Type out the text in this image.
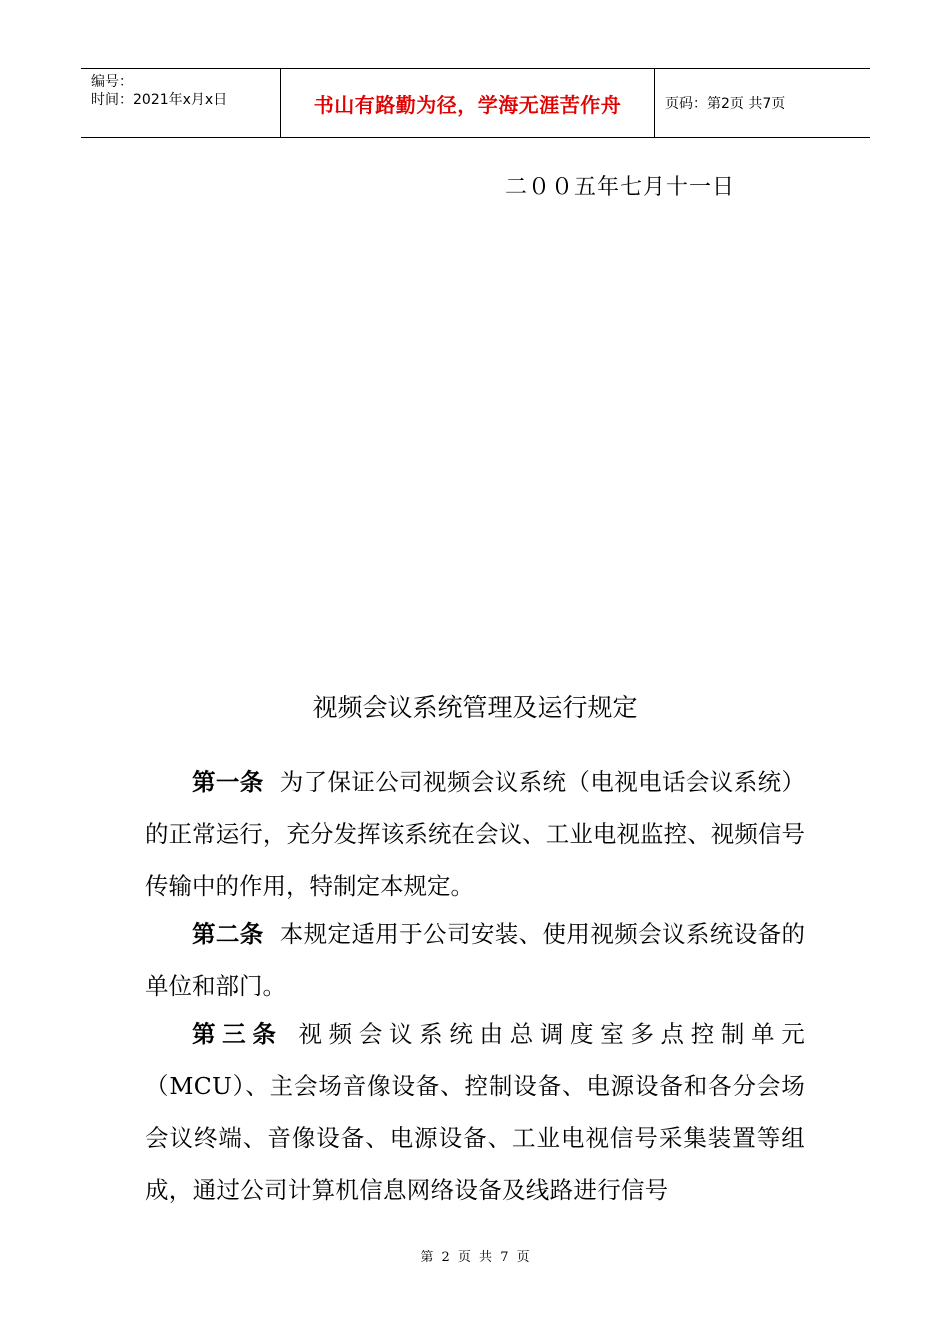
编号：
时间：2021年x月x日	书山有路勤为径，学海无涯苦作舟	页码：第2页 共7页
二００五年七月十一日
视频会议系统管理及运行规定

第一条 为了保证公司视频会议系统（电视电话会议系统）的正常运行，充分发挥该系统在会议、工业电视监控、视频信号传输中的作用，特制定本规定。

第二条 本规定适用于公司安装、使用视频会议系统设备的单位和部门。

第三条 视频会议系统由总调度室多点控制单元（MCU）、主会场音像设备、控制设备、电源设备和各分会场会议终端、音像设备、电源设备、工业电视信号采集装置等组成，通过公司计算机信息网络设备及线路进行信号

第 2 页 共 7 页
